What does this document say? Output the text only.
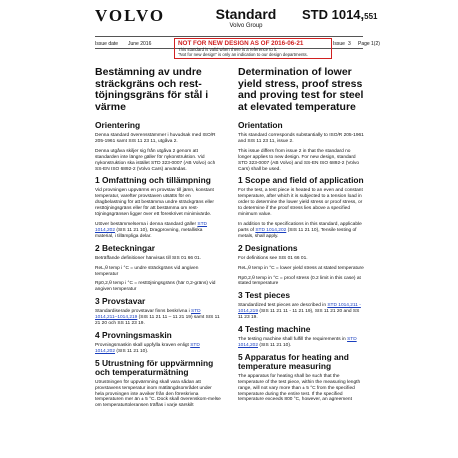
VOLVO	Standard
Volvo Group
STD 1014,551
Issue date June 2016	Issue 3 Page 1(2)
NOT FOR NEW DESIGN AS OF 2016-06-21
This standard is valid when there is a reference to it.
"Not for new design" is only an indication to our design departments.
Bestämning av undre sträckgräns och rest-töjningsgräns för stål i värme
Orientering
Denna standard överensstämmer i huvudsak med ISO/R 205-1961 samt SIS 11 23 11, utgåva 2.
Denna utgåva skiljer sig från utgåva 2 genom att standarden inte längre gäller för nykonstruktion. Vid nykonstruktion ska istället STD 323-0007 (AB Volvo) och SS-EN ISO 6892-2 (Volvo Cars) användas.
1 Omfattning och tillämpning
Vid provningen uppvärms en provstav till jämn, konstant temperatur, varefter provstaven utsätts för en dragbelastning för att bestämma undre sträckgräns eller resttöjningsgräns eller för att bestämma om rest-töjningsgränsen ligger över ett föreskrivet minimivärde.
Utöver bestämmelserna i denna standard gäller STD 1014,202 (SIS 11 21 10), Dragprovning, metalliska material, i tillämpliga delar.
2 Beteckningar
Beträffande definitioner hänvisas till SIS 01 66 01.
ReL,θ temp i °C = undre sträckgräns vid angiven temperatur
Rp0,2,θ temp i °C = resttöjningsgräns (här 0,2-gräns) vid angiven temperatur
3 Provstavar
Standardiserade provstavar finns beskrivna i STD 1014,211–1014,219 (SIS 11 21 11 – 11 21 19) samt SIS 11 21 20 och SS 11 23 19.
4 Provningsmaskin
Provningsmaskin skall uppfylla kraven enligt STD 1014,202 (SIS 11 21 10).
5 Utrustning för uppvärmning och temperaturmätning
Utrustningen för uppvärmning skall vara sådan att provstavens temperatur inom mätlängdsområdet under hela provningen inte avviker från den föreskrivna temperaturen mer än ± 5 °C. Dock skall överenskom-melse om temperaturtoleransen träffas i varje särskilt
Determination of lower yield stress, proof stress and proving test for steel at elevated temperature
Orientation
This standard corresponds substantially to ISO/R 205-1961 and SIS 11 23 11, issue 2.
This issue differs from issue 2 in that the standard no longer applies to new design. For new design, standard STD 323-0007 (AB Volvo) and SS-EN ISO 6892-2 (Volvo Cars) shall be used.
1 Scope and field of application
For the test, a test piece is heated to an even and constant temperature, after which it is subjected to a tension load in order to determine the lower yield stress or proof stress, or to determine if the proof stress lies above a specified minimum value.
In addition to the specifications in this standard, applicable parts of STD 1014,202 (SIS 11 21 10), Tensile testing of metals, shall apply.
2 Designations
For definitions see SIS 01 66 01.
ReL,θ temp in °C = lower yield stress at stated temperature
Rp0,2,θ temp in °C = proof stress (0.2 limit in this case) at stated temperature
3 Test pieces
Standardized test pieces are described in STD 1014,211 - 1014,219 (SIS 11 21 11 - 11 21 19), SIS 11 21 20 and SS 11 23 19.
4 Testing machine
The testing machine shall fulfill the requirements in STD 1014,202 (SIS 11 21 10).
5 Apparatus for heating and temperature measuring
The apparatus for heating shall be such that the temperature of the test piece, within the measuring length range, will not vary more than ± 5 °C from the specified temperature during the entire test. If the specified temperature exceeds 800 °C, however, an agreement
